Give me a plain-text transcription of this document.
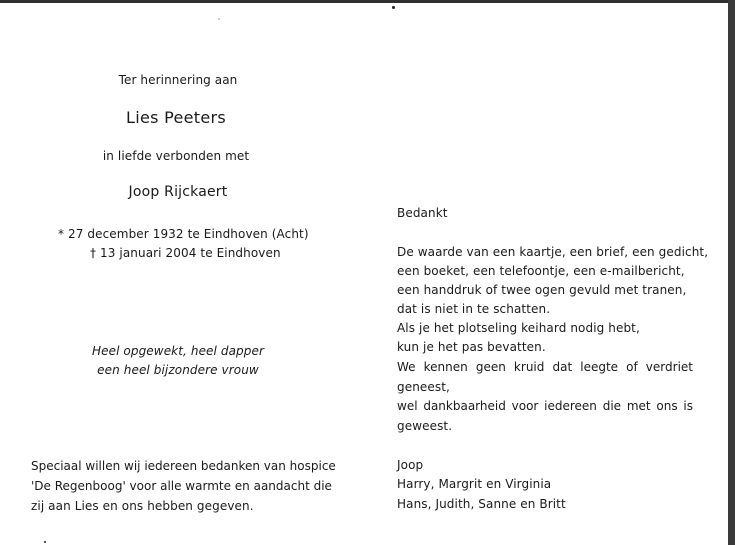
Ter herinnering aan
Lies Peeters
in liefde verbonden met
Joop Rijckaert
* 27 december 1932 te Eindhoven (Acht)
† 13 januari 2004 te Eindhoven
Heel opgewekt, heel dapper
een heel bijzondere vrouw
Speciaal willen wij iedereen bedanken van hospice
'De Regenboog' voor alle warmte en aandacht die
zij aan Lies en ons hebben gegeven.
Bedankt
De waarde van een kaartje, een brief, een gedicht,
een boeket, een telefoontje, een e-mailbericht,
een handdruk of twee ogen gevuld met tranen,
dat is niet in te schatten.
Als je het plotseling keihard nodig hebt,
kun je het pas bevatten.
We kennen geen kruid dat leegte of verdriet
geneest,
wel dankbaarheid voor iedereen die met ons is
geweest.
Joop
Harry, Margrit en Virginia
Hans, Judith, Sanne en Britt
